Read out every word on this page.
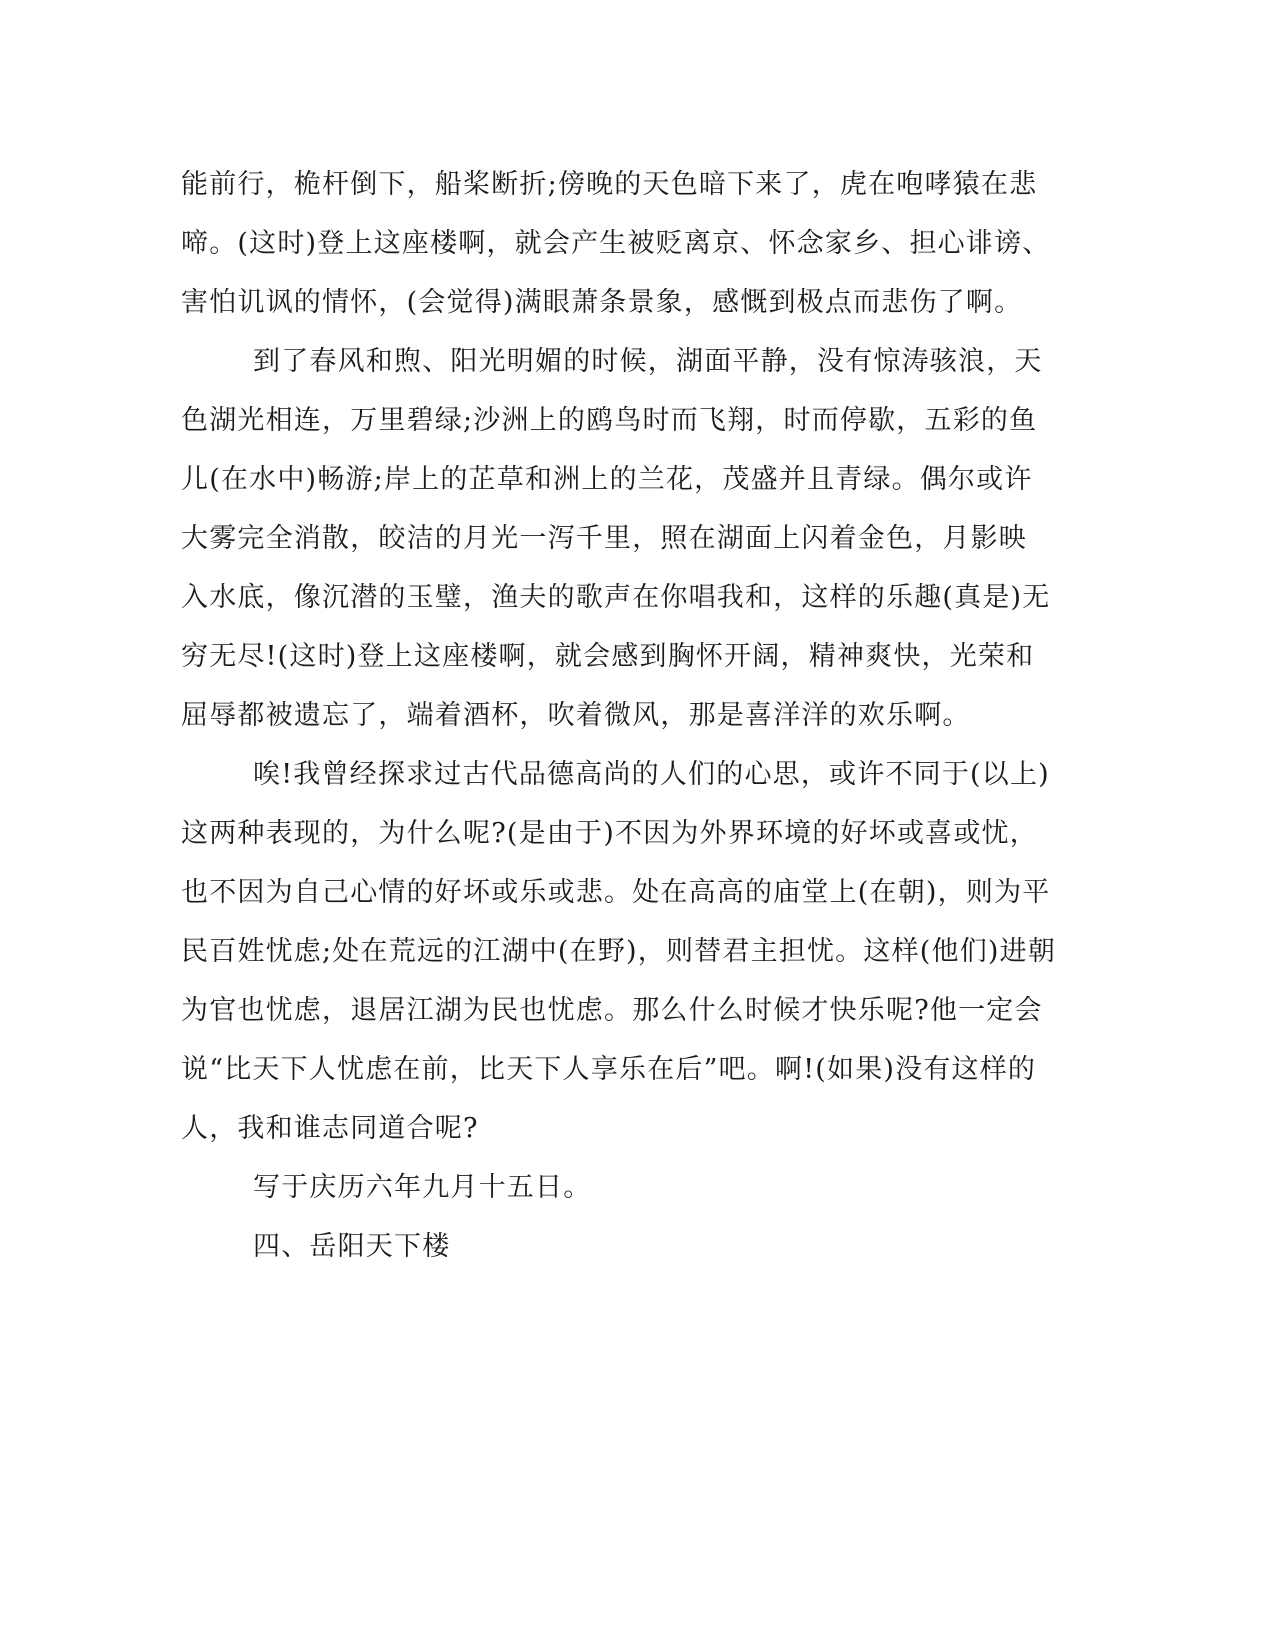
能前行，桅杆倒下，船桨断折;傍晚的天色暗下来了，虎在咆哮猿在悲
啼。(这时)登上这座楼啊，就会产生被贬离京、怀念家乡、担心诽谤、
害怕讥讽的情怀，(会觉得)满眼萧条景象，感慨到极点而悲伤了啊。
到了春风和煦、阳光明媚的时候，湖面平静，没有惊涛骇浪，天
色湖光相连，万里碧绿;沙洲上的鸥鸟时而飞翔，时而停歇，五彩的鱼
儿(在水中)畅游;岸上的芷草和洲上的兰花，茂盛并且青绿。偶尔或许
大雾完全消散，皎洁的月光一泻千里，照在湖面上闪着金色，月影映
入水底，像沉潜的玉璧，渔夫的歌声在你唱我和，这样的乐趣(真是)无
穷无尽!(这时)登上这座楼啊，就会感到胸怀开阔，精神爽快，光荣和
屈辱都被遗忘了，端着酒杯，吹着微风，那是喜洋洋的欢乐啊。
唉!我曾经探求过古代品德高尚的人们的心思，或许不同于(以上)
这两种表现的，为什么呢?(是由于)不因为外界环境的好坏或喜或忧，
也不因为自己心情的好坏或乐或悲。处在高高的庙堂上(在朝)，则为平
民百姓忧虑;处在荒远的江湖中(在野)，则替君主担忧。这样(他们)进朝
为官也忧虑，退居江湖为民也忧虑。那么什么时候才快乐呢?他一定会
说“比天下人忧虑在前，比天下人享乐在后”吧。啊!(如果)没有这样的
人，我和谁志同道合呢?
写于庆历六年九月十五日。
四、岳阳天下楼
